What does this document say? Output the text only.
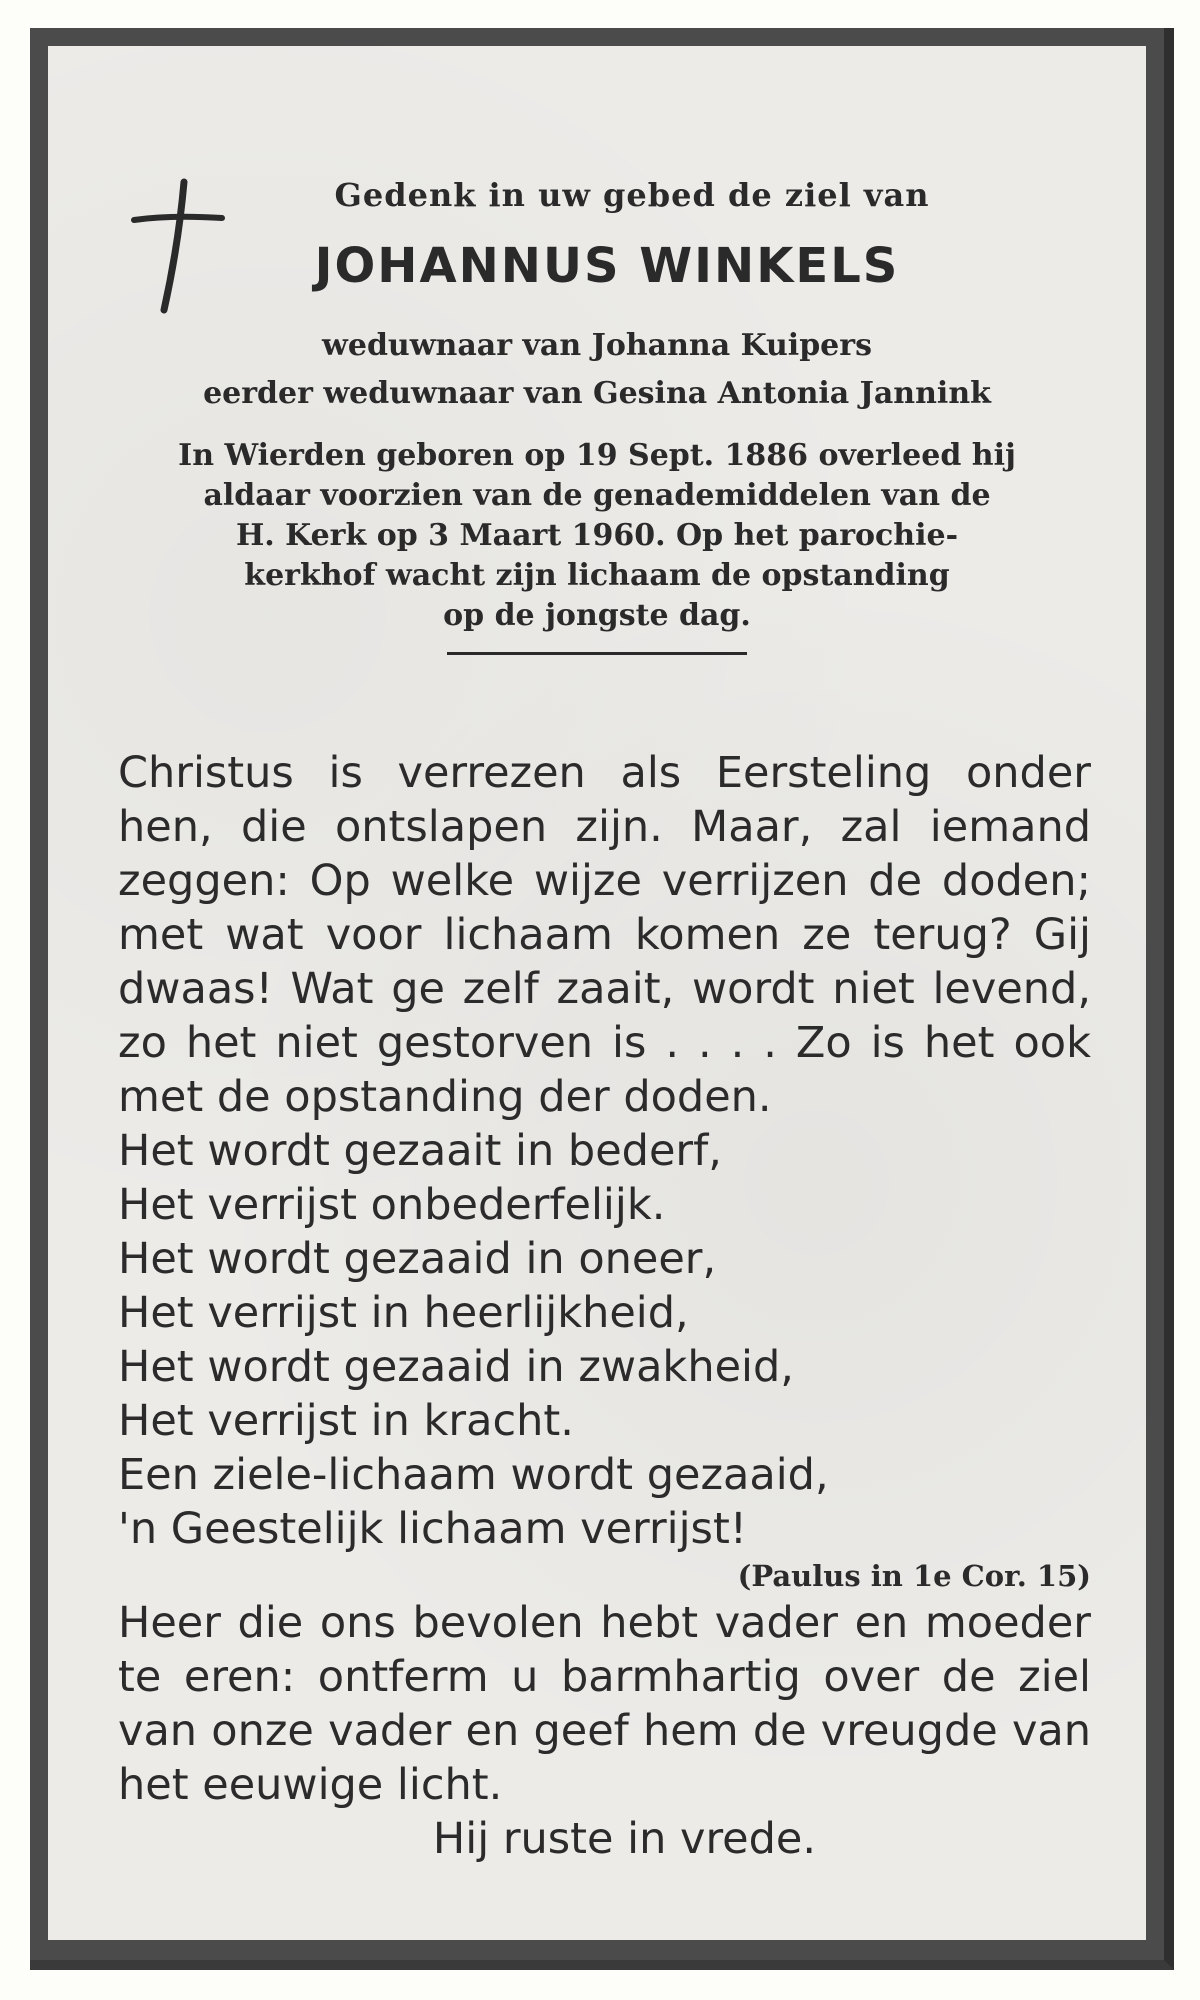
Gedenk in uw gebed de ziel van

JOHANNUS WINKELS

weduwnaar van Johanna Kuipers

eerder weduwnaar van Gesina Antonia Jannink

In Wierden geboren op 19 Sept. 1886 overleed hij
aldaar voorzien van de genademiddelen van de
H. Kerk op 3 Maart 1960. Op het parochie-
kerkhof wacht zijn lichaam de opstanding
op de jongste dag.

Christus is verrezen als Eersteling onder hen, die ontslapen zijn. Maar, zal iemand zeggen: Op welke wijze verrijzen de doden; met wat voor lichaam komen ze terug? Gij dwaas! Wat ge zelf zaait, wordt niet levend, zo het niet gestorven is . . . . Zo is het ook met de opstanding der doden.

Het wordt gezaait in bederf,
Het verrijst onbederfelijk.
Het wordt gezaaid in oneer,
Het verrijst in heerlijkheid,
Het wordt gezaaid in zwakheid,
Het verrijst in kracht.
Een ziele-lichaam wordt gezaaid,
'n Geestelijk lichaam verrijst!

(Paulus in 1e Cor. 15)

Heer die ons bevolen hebt vader en moeder te eren: ontferm u barmhartig over de ziel van onze vader en geef hem de vreugde van het eeuwige licht.

Hij ruste in vrede.
